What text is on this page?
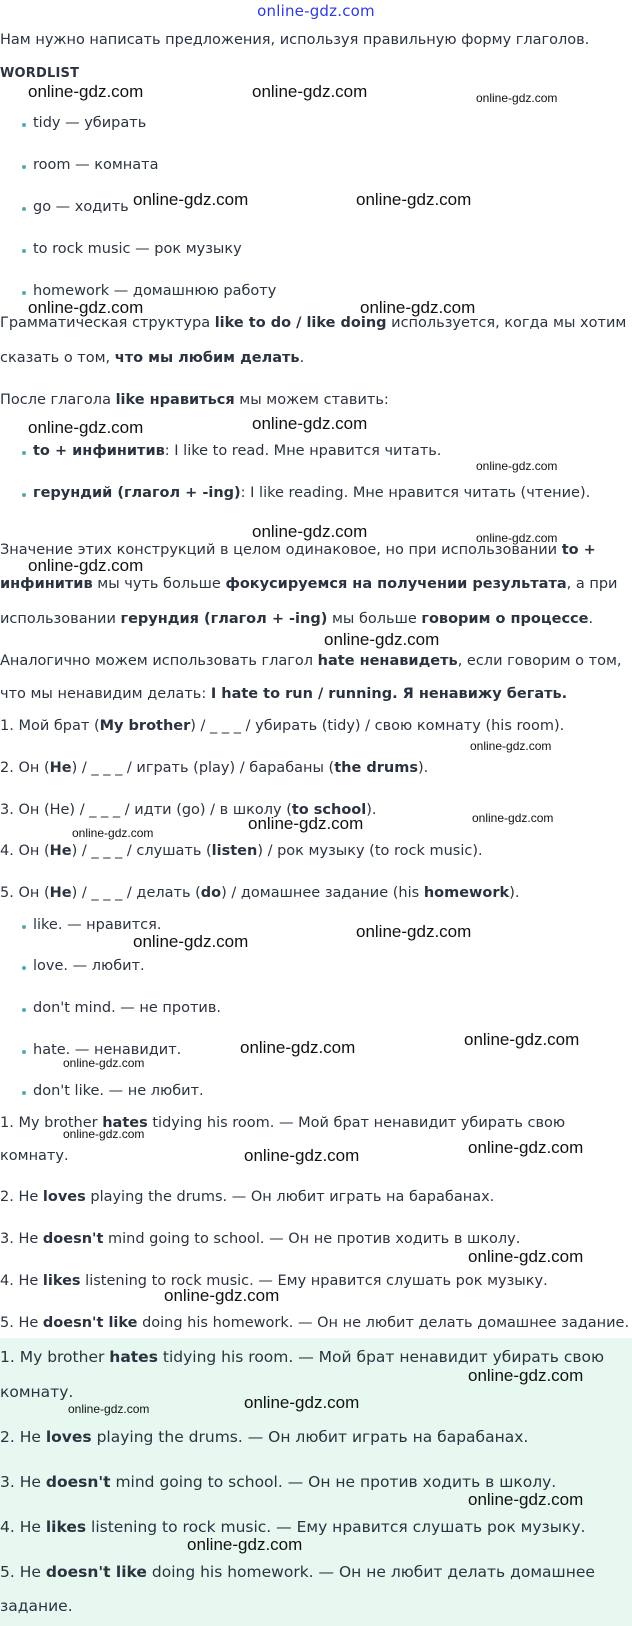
online-gdz.com
Нам нужно написать предложения, используя правильную форму глаголов.
WORDLIST
tidy — убирать
room — комната
go — ходить
to rock music — рок музыку
homework — домашнюю работу
Грамматическая структура like to do / like doing используется, когда мы хотим
сказать о том, что мы любим делать.
После глагола like нравиться мы можем ставить:
to + инфинитив: I like to read. Мне нравится читать.
герундий (глагол + -ing): I like reading. Мне нравится читать (чтение).
Значение этих конструкций в целом одинаковое, но при использовании to +
инфинитив мы чуть больше фокусируемся на получении результата, а при
использовании герундия (глагол + -ing) мы больше говорим о процессе.
Аналогично можем использовать глагол hate ненавидеть, если говорим о том,
что мы ненавидим делать: I hate to run / running. Я ненавижу бегать.
1. Мой брат (My brother) / _ _ _ / убирать (tidy) / свою комнату (his room).
2. Он (He) / _ _ _ / играть (play) / барабаны (the drums).
3. Он (He) / _ _ _ / идти (go) / в школу (to school).
4. Он (He) / _ _ _ / слушать (listen) / рок музыку (to rock music).
5. Он (He) / _ _ _ / делать (do) / домашнее задание (his homework).
like. — нравится.
love. — любит.
don't mind. — не против.
hate. — ненавидит.
don't like. — не любит.
1. My brother hates tidying his room. — Мой брат ненавидит убирать свою
комнату.
2. He loves playing the drums. — Он любит играть на барабанах.
3. He doesn't mind going to school. — Он не против ходить в школу.
4. He likes listening to rock music. — Ему нравится слушать рок музыку.
5. He doesn't like doing his homework. — Он не любит делать домашнее задание.
1. My brother hates tidying his room. — Мой брат ненавидит убирать свою
комнату.
2. He loves playing the drums. — Он любит играть на барабанах.
3. He doesn't mind going to school. — Он не против ходить в школу.
4. He likes listening to rock music. — Ему нравится слушать рок музыку.
5. He doesn't like doing his homework. — Он не любит делать домашнее
задание.
online-gdz.com	online-gdz.com	online-gdz.com
online-gdz.com	online-gdz.com
online-gdz.com	online-gdz.com
online-gdz.com	online-gdz.com
online-gdz.com
online-gdz.com	online-gdz.com
online-gdz.com
online-gdz.com
online-gdz.com
online-gdz.com
online-gdz.com
online-gdz.com
online-gdz.com
online-gdz.com
online-gdz.com
online-gdz.com
online-gdz.com
online-gdz.com
online-gdz.com
online-gdz.com
online-gdz.com
online-gdz.com
online-gdz.com
online-gdz.com
online-gdz.com
online-gdz.com
online-gdz.com
